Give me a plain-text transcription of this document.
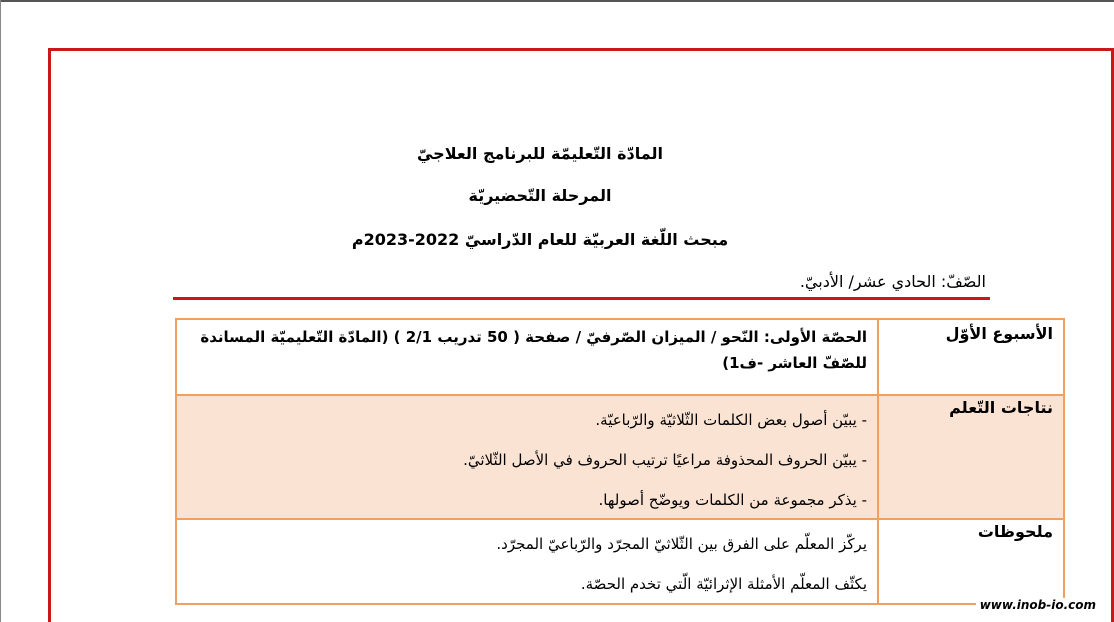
المادّة التّعليمّة للبرنامج العلاجيّ
المرحلة التّحضيريّة
مبحث اللّغة العربيّة للعام الدّراسيّ 2022-2023م
الصّفّ: الحادي عشر/ الأدبيّ.
الأسبوع الأوّل
الحصّة الأولى: النّحو / الميزان الصّرفيّ / صفحة ( 50 تدريب 2/1 ) (المادّة التّعليميّة المساندة للصّفّ العاشر -ف1)
نتاجات التّعلم
- يبيّن أصول بعض الكلمات الثّلاثيّة والرّباعيّة.
- يبيّن الحروف المحذوفة مراعيًا ترتيب الحروف في الأصل الثّلاثيّ.
- يذكر مجموعة من الكلمات ويوضّح أصولها.
ملحوظات
يركّز المعلّم على الفرق بين الثّلاثيّ المجرّد والرّباعيّ المجرّد.
يكثّف المعلّم الأمثلة الإثرائيّة الّتي تخدم الحصّة.
www.inob-io.com
